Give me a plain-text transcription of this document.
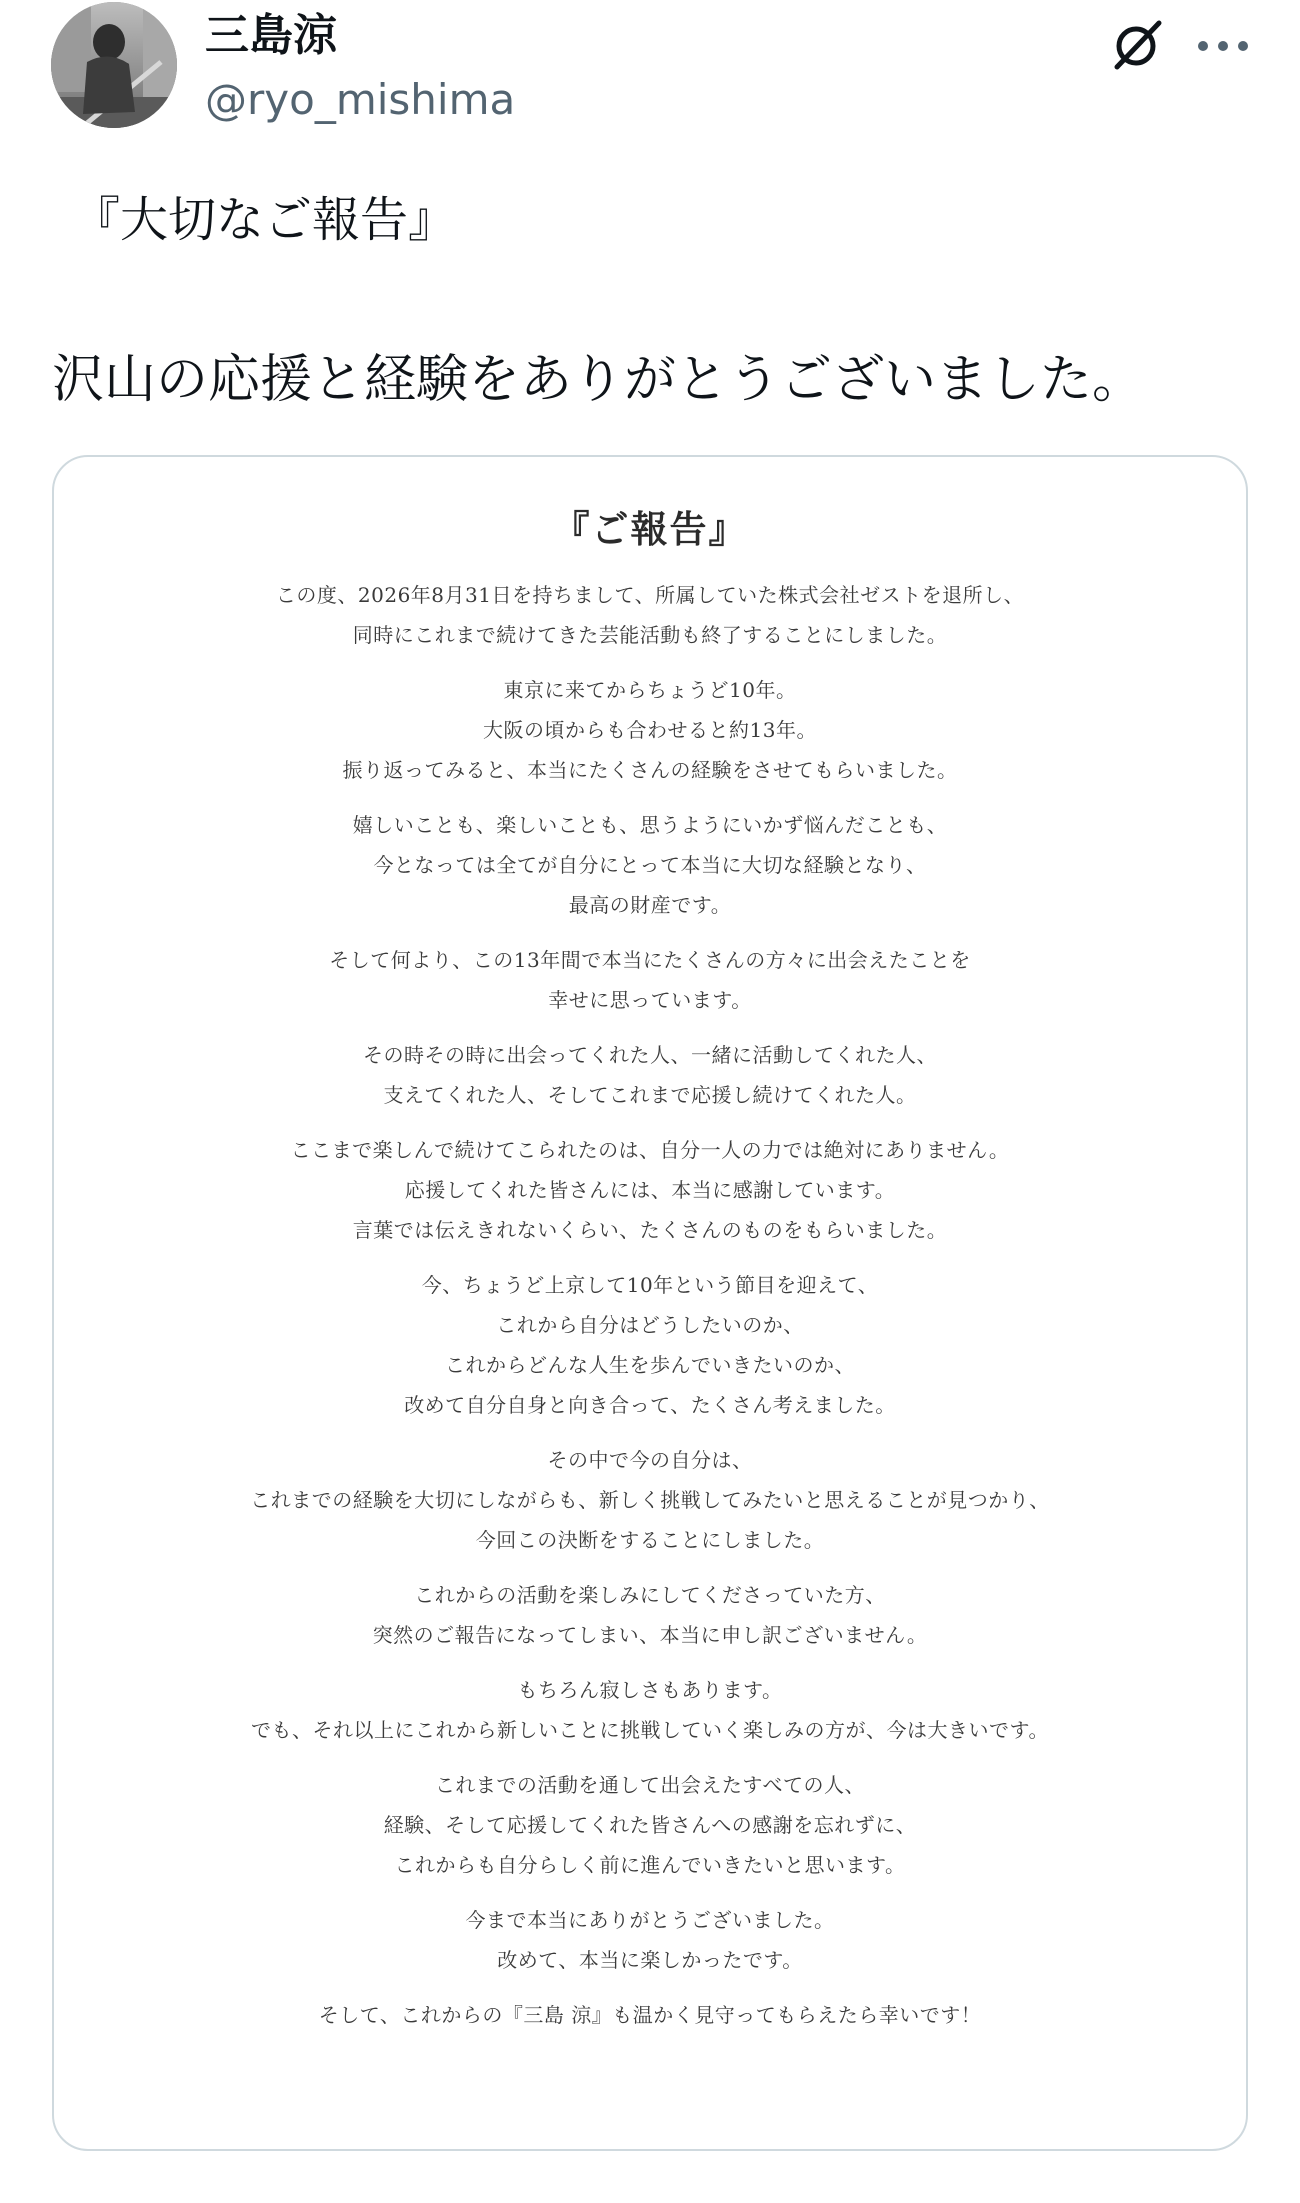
三島涼
@ryo_mishima
『大切なご報告』
沢山の応援と経験をありがとうございました。
『ご報告』
この度、2026年8月31日を持ちまして、所属していた株式会社ゼストを退所し、
同時にこれまで続けてきた芸能活動も終了することにしました。
東京に来てからちょうど10年。
大阪の頃からも合わせると約13年。
振り返ってみると、本当にたくさんの経験をさせてもらいました。
嬉しいことも、楽しいことも、思うようにいかず悩んだことも、
今となっては全てが自分にとって本当に大切な経験となり、
最高の財産です。
そして何より、この13年間で本当にたくさんの方々に出会えたことを
幸せに思っています。
その時その時に出会ってくれた人、一緒に活動してくれた人、
支えてくれた人、そしてこれまで応援し続けてくれた人。
ここまで楽しんで続けてこられたのは、自分一人の力では絶対にありません。
応援してくれた皆さんには、本当に感謝しています。
言葉では伝えきれないくらい、たくさんのものをもらいました。
今、ちょうど上京して10年という節目を迎えて、
これから自分はどうしたいのか、
これからどんな人生を歩んでいきたいのか、
改めて自分自身と向き合って、たくさん考えました。
その中で今の自分は、
これまでの経験を大切にしながらも、新しく挑戦してみたいと思えることが見つかり、
今回この決断をすることにしました。
これからの活動を楽しみにしてくださっていた方、
突然のご報告になってしまい、本当に申し訳ございません。
もちろん寂しさもあります。
でも、それ以上にこれから新しいことに挑戦していく楽しみの方が、今は大きいです。
これまでの活動を通して出会えたすべての人、
経験、そして応援してくれた皆さんへの感謝を忘れずに、
これからも自分らしく前に進んでいきたいと思います。
今まで本当にありがとうございました。
改めて、本当に楽しかったです。
そして、これからの『三島 涼』も温かく見守ってもらえたら幸いです！
